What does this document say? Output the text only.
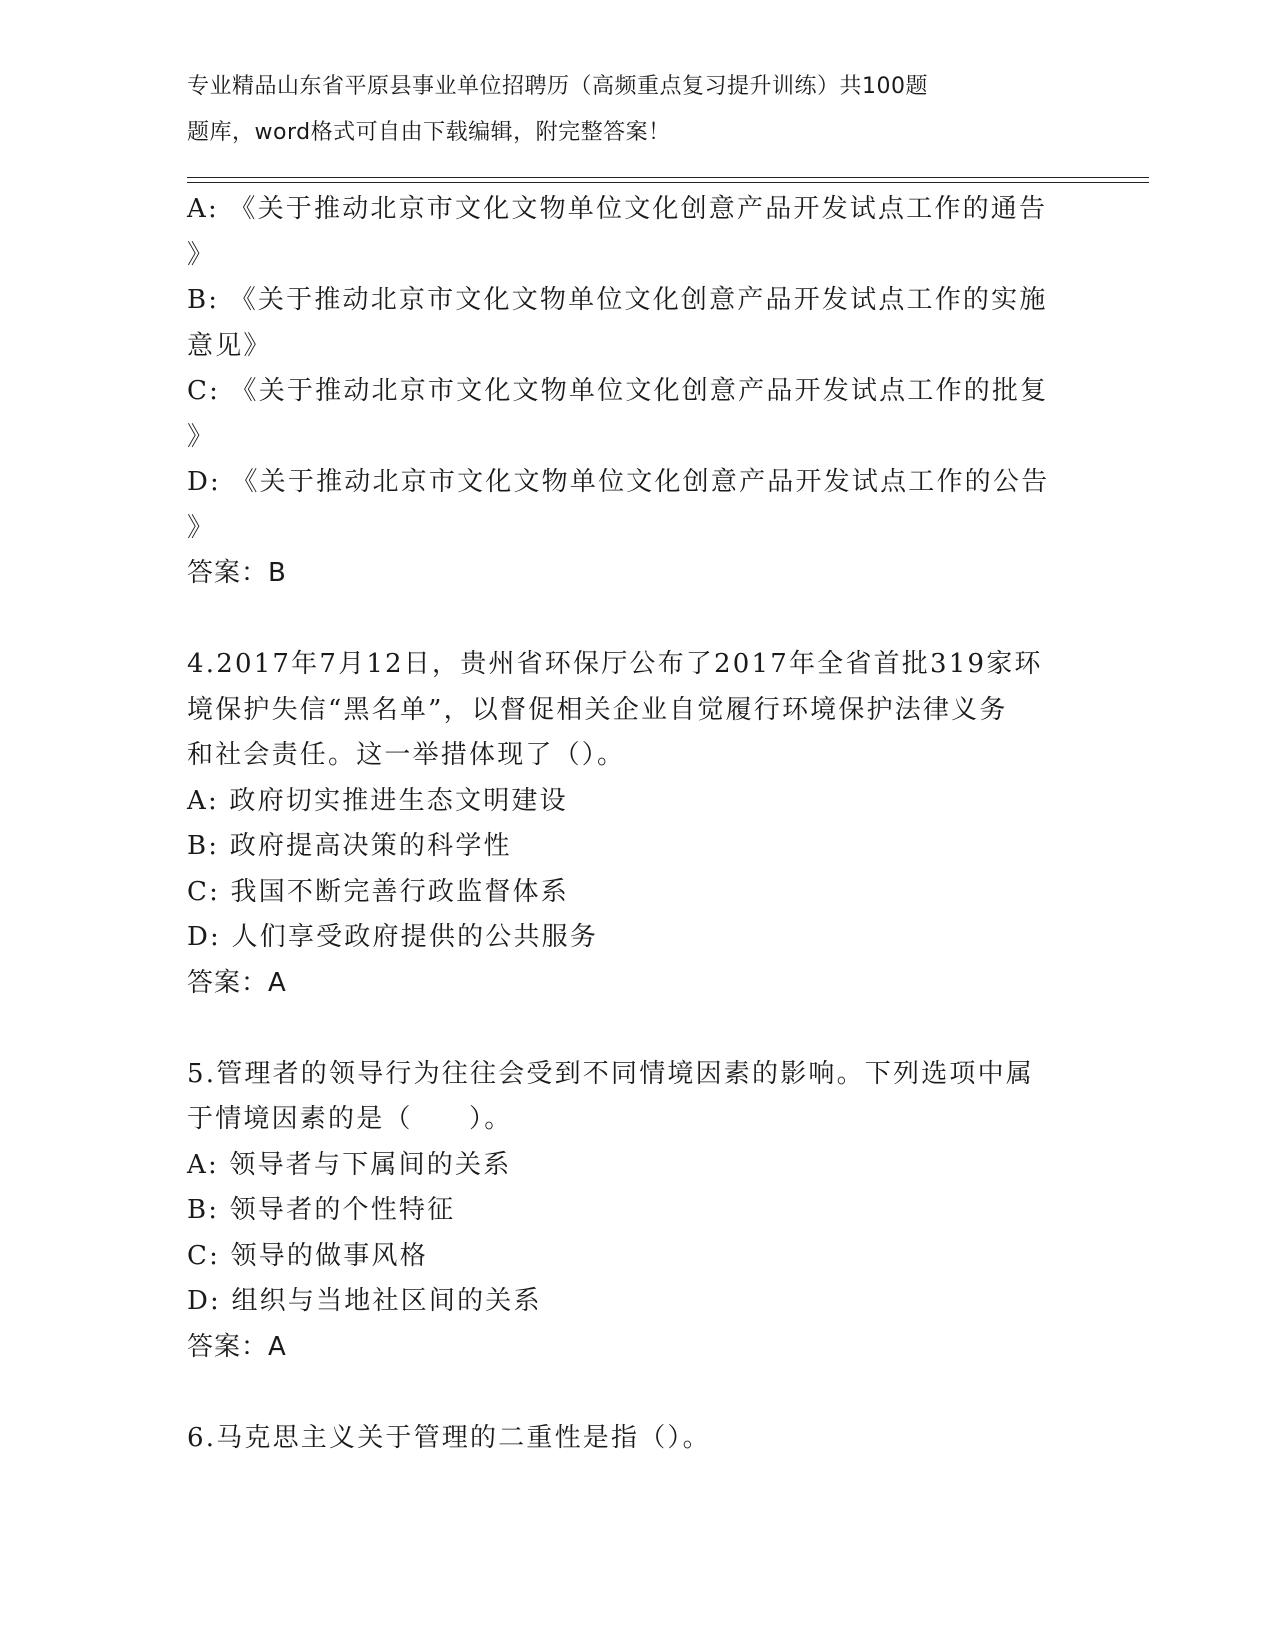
专业精品山东省平原县事业单位招聘历（高频重点复习提升训练）共100题
题库，word格式可自由下载编辑，附完整答案！
A: 《关于推动北京市文化文物单位文化创意产品开发试点工作的通告
》
B: 《关于推动北京市文化文物单位文化创意产品开发试点工作的实施
意见》
C: 《关于推动北京市文化文物单位文化创意产品开发试点工作的批复
》
D: 《关于推动北京市文化文物单位文化创意产品开发试点工作的公告
》
答案：B
4.2017年7月12日，贵州省环保厅公布了2017年全省首批319家环
境保护失信“黑名单”，以督促相关企业自觉履行环境保护法律义务
和社会责任。这一举措体现了（）。
A: 政府切实推进生态文明建设
B: 政府提高决策的科学性
C: 我国不断完善行政监督体系
D: 人们享受政府提供的公共服务
答案：A
5.管理者的领导行为往往会受到不同情境因素的影响。下列选项中属
于情境因素的是（　　）。
A: 领导者与下属间的关系
B: 领导者的个性特征
C: 领导的做事风格
D: 组织与当地社区间的关系
答案：A
6.马克思主义关于管理的二重性是指（）。
